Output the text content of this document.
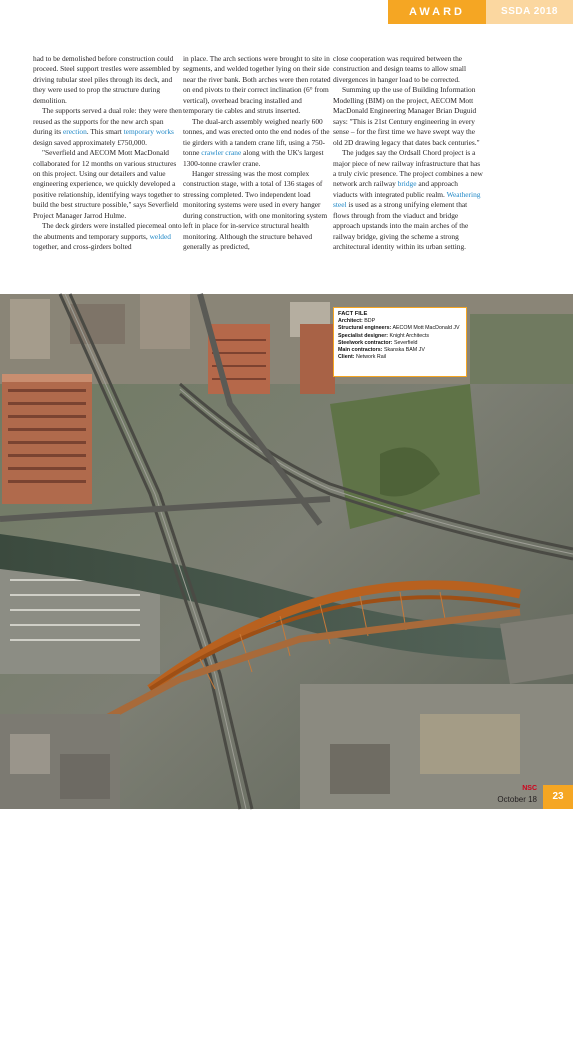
AWARD	SSDA 2018

had to be demolished before construction could proceed. Steel support trestles were assembled by driving tubular steel piles through its deck, and they were used to prop the structure during demolition.

The supports served a dual role: they were then reused as the supports for the new arch span during its erection. This smart temporary works design saved approximately £750,000.

"Severfield and AECOM Mott MacDonald collaborated for 12 months on various structures on this project. Using our detailers and value engineering experience, we quickly developed a positive relationship, identifying ways together to build the best structure possible," says Severfield Project Manager Jarrod Hulme.

The deck girders were installed piecemeal onto the abutments and temporary supports, welded together, and cross-girders bolted

in place. The arch sections were brought to site in segments, and welded together lying on their side near the river bank. Both arches were then rotated on end pivots to their correct inclination (6° from vertical), overhead bracing installed and temporary tie cables and struts inserted.

The dual-arch assembly weighed nearly 600 tonnes, and was erected onto the end nodes of the tie girders with a tandem crane lift, using a 750-tonne crawler crane along with the UK's largest 1300-tonne crawler crane.

Hanger stressing was the most complex construction stage, with a total of 136 stages of stressing completed. Two independent load monitoring systems were used in every hanger during construction, with one monitoring system left in place for in-service structural health monitoring. Although the structure behaved generally as predicted,

close cooperation was required between the construction and design teams to allow small divergences in hanger load to be corrected.

Summing up the use of Building Information Modelling (BIM) on the project, AECOM Mott MacDonald Engineering Manager Brian Duguid says: "This is 21st Century engineering in every sense – for the first time we have swept way the old 2D drawing legacy that dates back centuries."

The judges say the Ordsall Chord project is a major piece of new railway infrastructure that has a truly civic presence. The project combines a new network arch railway bridge and approach viaducts with integrated public realm. Weathering steel is used as a strong unifying element that flows through from the viaduct and bridge approach upstands into the main arches of the railway bridge, giving the scheme a strong architectural identity within its urban setting.

www.aerialsmedia.info
FACT FILE
Architect: BDP
Structural engineers: AECOM Mott MacDonald JV
Specialist designer: Knight Architects
Steelwork contractor: Severfield
Main contractors: Skanska BAM JV
Client: Network Rail
NSC
October 18	23
